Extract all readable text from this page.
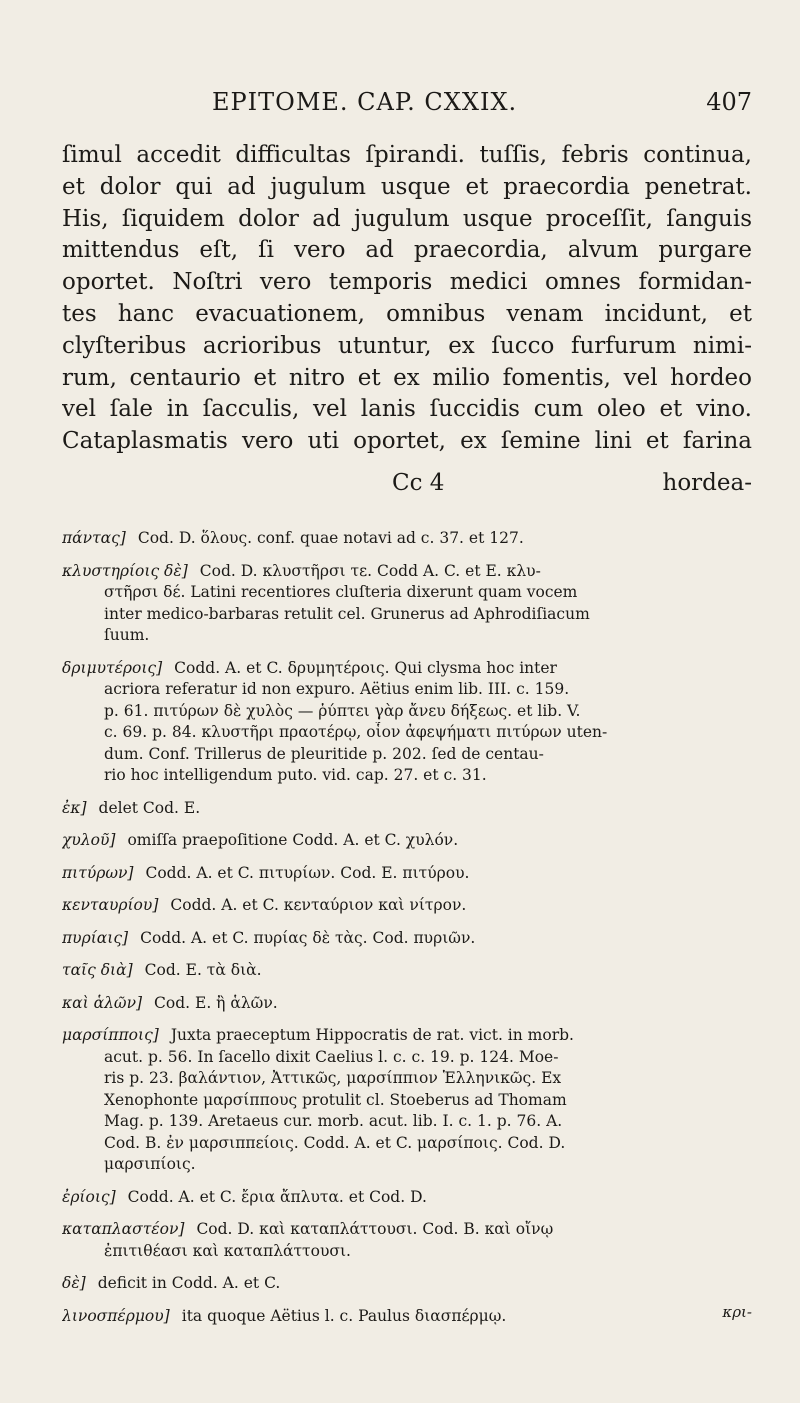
EPITOME. CAP. CXXIX.	407
ſimul accedit difficultas ſpirandi. tuſſis, febris continua,
et dolor qui ad jugulum usque et praecordia penetrat.
His, ſiquidem dolor ad jugulum usque proceſſit, ſanguis
mittendus eſt, ſi vero ad praecordia, alvum purgare
oportet. Noſtri vero temporis medici omnes formidan-
tes hanc evacuationem, omnibus venam incidunt, et
clyſteribus acrioribus utuntur, ex ſucco furfurum nimi-
rum, centaurio et nitro et ex milio fomentis, vel hordeo
vel ſale in ſacculis, vel lanis ſuccidis cum oleo et vino.
Cataplasmatis vero uti oportet, ex ſemine lini et farina
Cc 4	hordea-
πάντας] Cod. D. ὅλους. conf. quae notavi ad c. 37. et 127.
κλυστηρίοις δὲ] Cod. D. κλυστῆρσι τε. Codd A. C. et E. κλυ-
στῆρσι δέ. Latini recentiores cluſteria dixerunt quam vocem
inter medico-barbaras retulit cel. Grunerus ad Aphrodiſiacum
ſuum.
δριμυτέροις] Codd. A. et C. δρυμητέροις. Qui clysma hoc inter
acriora referatur id non expuro. Aëtius enim lib. III. c. 159.
p. 61. πιτύρων δὲ χυλὸς — ῥύπτει γὰρ ἄνευ δήξεως. et lib. V.
c. 69. p. 84. κλυστῆρι πραοτέρῳ, οἷον ἀφεψήματι πιτύρων uten-
dum. Conf. Trillerus de pleuritide p. 202. ſed de centau-
rio hoc intelligendum puto. vid. cap. 27. et c. 31.
ἐκ] delet Cod. E.
χυλοῦ] omiſſa praepoſitione Codd. A. et C. χυλόν.
πιτύρων] Codd. A. et C. πιτυρίων. Cod. E. πιτύρου.
κενταυρίου] Codd. A. et C. κενταύριον καὶ νίτρον.
πυρίαις] Codd. A. et C. πυρίας δὲ τὰς. Cod. πυριῶν.
ταῖς διὰ] Cod. E. τὰ διὰ.
καὶ ἁλῶν] Cod. E. ἢ ἁλῶν.
μαρσίπποις] Juxta praeceptum Hippocratis de rat. vict. in morb.
acut. p. 56. In ſacello dixit Caelius l. c. c. 19. p. 124. Moe-
ris p. 23. βαλάντιον, Ἀττικῶς, μαρσίππιον Ἑλληνικῶς. Ex
Xenophonte μαρσίππους protulit cl. Stoeberus ad Thomam
Mag. p. 139. Aretaeus cur. morb. acut. lib. I. c. 1. p. 76. A.
Cod. B. ἐν μαρσιππείοις. Codd. A. et C. μαρσίποις. Cod. D.
μαρσιπίοις.
ἐρίοις] Codd. A. et C. ἔρια ἄπλυτα. et Cod. D.
καταπλαστέον] Cod. D. καὶ καταπλάττουσι. Cod. B. καὶ οἴνῳ
ἐπιτιθέασι καὶ καταπλάττουσι.
δὲ] deficit in Codd. A. et C.
λινοσπέρμου] ita quoque Aëtius l. c. Paulus διασπέρμῳ.	κρι-
